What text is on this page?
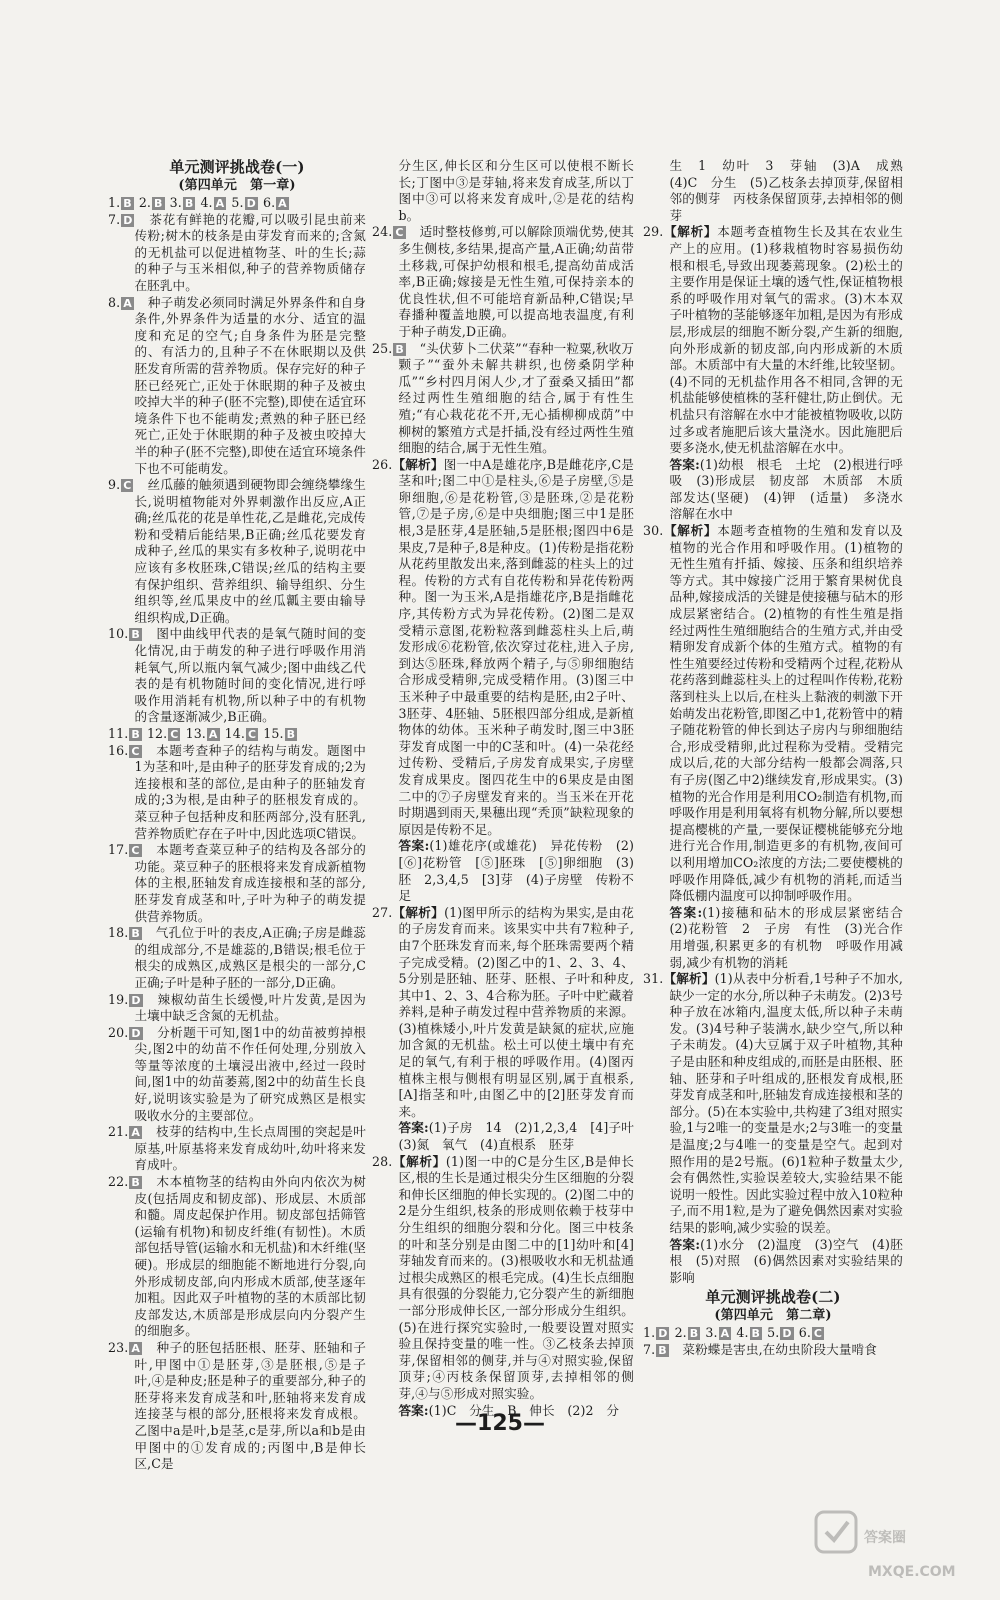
单元测评挑战卷(一)

(第四单元　第一章)

1. B 2. B 3. B 4. A 5. D 6. A

7. D　 茶花有鲜艳的花瓣,可以吸引昆虫前来传粉;树木的枝条是由芽发育而来的;含氮的无机盐可以促进植物茎、叶的生长;蒜的种子与玉米相似,种子的营养物质储存在胚乳中。

8. A　 种子萌发必须同时满足外界条件和自身条件,外界条件为适量的水分、适宜的温度和充足的空气;自身条件为胚是完整的、有活力的,且种子不在休眠期以及供胚发育所需的营养物质。保存完好的种子胚已经死亡,正处于休眠期的种子及被虫咬掉大半的种子(胚不完整),即使在适宜环境条件下也不能萌发;煮熟的种子胚已经死亡,正处于休眠期的种子及被虫咬掉大半的种子(胚不完整),即使在适宜环境条件下也不可能萌发。

9. C　 丝瓜藤的触须遇到硬物即会缠绕攀缘生长,说明植物能对外界刺激作出反应,A正确;丝瓜花的花是单性花,乙是雌花,完成传粉和受精后能结果,B正确;丝瓜花要发育成种子,丝瓜的果实有多枚种子,说明花中应该有多枚胚珠,C错误;丝瓜的结构主要有保护组织、营养组织、输导组织、分生组织等,丝瓜果皮中的丝瓜瓤主要由输导组织构成,D正确。

10. B　 图中曲线甲代表的是氧气随时间的变化情况,由于萌发的种子进行呼吸作用消耗氧气,所以瓶内氧气减少;图中曲线乙代表的是有机物随时间的变化情况,进行呼吸作用消耗有机物,所以种子中的有机物的含量逐渐减少,B正确。

11. B 12. C 13. A 14. C 15. B

16. C　 本题考查种子的结构与萌发。题图中1为茎和叶,是由种子的胚芽发育成的;2为连接根和茎的部位,是由种子的胚轴发育成的;3为根,是由种子的胚根发育成的。菜豆种子包括种皮和胚两部分,没有胚乳,营养物质贮存在子叶中,因此选项C错误。

17. C　 本题考查菜豆种子的结构及各部分的功能。菜豆种子的胚根将来发育成新植物体的主根,胚轴发育成连接根和茎的部分,胚芽发育成茎和叶,子叶为种子的萌发提供营养物质。

18. B　 气孔位于叶的表皮,A正确;子房是雌蕊的组成部分,不是雄蕊的,B错误;根毛位于根尖的成熟区,成熟区是根尖的一部分,C正确;子叶是种子胚的一部分,D正确。

19. D　 辣椒幼苗生长缓慢,叶片发黄,是因为土壤中缺乏含氮的无机盐。

20. D　 分析题干可知,图1中的幼苗被剪掉根尖,图2中的幼苗不作任何处理,分别放入等量等浓度的土壤浸出液中,经过一段时间,图1中的幼苗萎蔫,图2中的幼苗生长良好,说明该实验是为了研究成熟区是根实吸收水分的主要部位。

21. A　 枝芽的结构中,生长点周围的突起是叶原基,叶原基将来发育成幼叶,幼叶将来发育成叶。

22. B　 木本植物茎的结构由外向内依次为树皮(包括周皮和韧皮部)、形成层、木质部和髓。周皮起保护作用。韧皮部包括筛管(运输有机物)和韧皮纤维(有韧性)。木质部包括导管(运输水和无机盐)和木纤维(坚硬)。形成层的细胞能不断地进行分裂,向外形成韧皮部,向内形成木质部,使茎逐年加粗。因此双子叶植物的茎的木质部比韧皮部发达,木质部是形成层向内分裂产生的细胞多。

23. A　 种子的胚包括胚根、胚芽、胚轴和子叶,甲图中①是胚芽,③是胚根,⑤是子叶,④是种皮;胚是种子的重要部分,种子的胚芽将来发育成茎和叶,胚轴将来发育成连接茎与根的部分,胚根将来发育成根。乙图中a是叶,b是茎,c是芽,所以a和b是由甲图中的①发育成的;丙图中,B是伸长区,C是

分生区,伸长区和分生区可以使根不断长长;丁图中③是芽轴,将来发育成茎,所以丁图中③可以将来发育成叶,②是花的结构b。

24. C　 适时整枝修剪,可以解除顶端优势,使其多生侧枝,多结果,提高产量,A正确;幼苗带土移栽,可保护幼根和根毛,提高幼苗成活率,B正确;嫁接是无性生殖,可保持亲本的优良性状,但不可能培育新品种,C错误;早春播种覆盖地膜,可以提高地表温度,有利于种子萌发,D正确。

25. B　 “头伏萝卜二伏菜”“春种一粒粟,秋收万颗子”“蚕外未解共耕织,也傍桑阴学种瓜”“乡村四月闲人少,才了蚕桑又插田”都经过两性生殖细胞的结合,属于有性生殖;“有心栽花花不开,无心插柳柳成荫”中柳树的繁殖方式是扦插,没有经过两性生殖细胞的结合,属于无性生殖。

26.【解析】图一中A是雄花序,B是雌花序,C是茎和叶;图二中①是柱头,⑥是子房壁,⑤是卵细胞,⑥是花粉管,③是胚珠,②是花粉管,⑦是子房,⑥是中央细胞;图三中1是胚根,3是胚芽,4是胚轴,5是胚根;图四中6是果皮,7是种子,8是种皮。(1)传粉是指花粉从花药里散发出来,落到雌蕊的柱头上的过程。传粉的方式有自花传粉和异花传粉两种。图一为玉米,A是指雄花序,B是指雌花序,其传粉方式为异花传粉。(2)图二是双受精示意图,花粉粒落到雌蕊柱头上后,萌发形成⑥花粉管,依次穿过花柱,进入子房,到达⑤胚珠,释放两个精子,与⑤卵细胞结合形成受精卵,完成受精作用。(3)图三中玉米种子中最重要的结构是胚,由2子叶、3胚芽、4胚轴、5胚根四部分组成,是新植物体的幼体。玉米种子萌发时,图三中3胚芽发育成图一中的C茎和叶。(4)一朵花经过传粉、受精后,子房发育成果实,子房壁发育成果皮。图四花生中的6果皮是由图二中的⑦子房壁发育来的。当玉米在开花时期遇到雨天,果穗出现“秃顶”缺粒现象的原因是传粉不足。

答案:(1)雄花序(或雄花)　异花传粉　(2)[⑥]花粉管　[⑤]胚珠　[⑤]卵细胞　(3)胚　2,3,4,5　[3]芽　(4)子房壁　传粉不足

27.【解析】(1)图甲所示的结构为果实,是由花的子房发育而来。该果实中共有7粒种子,由7个胚珠发育而来,每个胚珠需要两个精子完成受精。(2)图乙中的1、2、3、4、5分别是胚轴、胚芽、胚根、子叶和种皮,其中1、2、3、4合称为胚。子叶中贮藏着养料,是种子萌发过程中营养物质的来源。(3)植株矮小,叶片发黄是缺氮的症状,应施加含氮的无机盐。松土可以使土壤中有充足的氧气,有利于根的呼吸作用。(4)图丙植株主根与侧根有明显区别,属于直根系,[A]指茎和叶,由图乙中的[2]胚芽发育而来。

答案:(1)子房　14　(2)1,2,3,4　[4]子叶　(3)氮　氧气　(4)直根系　胚芽

28.【解析】(1)图一中的C是分生区,B是伸长区,根的生长是通过根尖分生区细胞的分裂和伸长区细胞的伸长实现的。(2)图二中的2是分生组织,枝条的形成则依赖于枝芽中分生组织的细胞分裂和分化。图三中枝条的叶和茎分别是由图二中的[1]幼叶和[4]芽轴发育而来的。(3)根吸收水和无机盐通过根尖成熟区的根毛完成。(4)生长点细胞具有很强的分裂能力,它分裂产生的新细胞一部分形成伸长区,一部分形成分生组织。(5)在进行探究实验时,一般要设置对照实验且保持变量的唯一性。③乙枝条去掉顶芽,保留相邻的侧芽,并与④对照实验,保留顶芽;④丙枝条保留顶芽,去掉相邻的侧芽,④与⑤形成对照实验。

答案:(1)C　分生　B　伸长　(2)2　分

生　1　幼叶　3　芽轴　(3)A　成熟　(4)C　分生　(5)乙枝条去掉顶芽,保留相邻的侧芽　丙枝条保留顶芽,去掉相邻的侧芽

29.【解析】本题考查植物生长及其在农业生产上的应用。(1)移栽植物时容易损伤幼根和根毛,导致出现萎蔫现象。(2)松土的主要作用是保证土壤的透气性,保证植物根系的呼吸作用对氧气的需求。(3)木本双子叶植物的茎能够逐年加粗,是因为有形成层,形成层的细胞不断分裂,产生新的细胞,向外形成新的韧皮部,向内形成新的木质部。木质部中有大量的木纤维,比较坚韧。(4)不同的无机盐作用各不相同,含钾的无机盐能够使植株的茎秆健壮,防止倒伏。无机盐只有溶解在水中才能被植物吸收,以防过多或者施肥后该大量浇水。因此施肥后要多浇水,使无机盐溶解在水中。

答案:(1)幼根　根毛　土坨　(2)根进行呼吸　(3)形成层　韧皮部　木质部　木质部发达(坚硬)　(4)钾　(适量)　多浇水　溶解在水中

30.【解析】本题考查植物的生殖和发育以及植物的光合作用和呼吸作用。(1)植物的无性生殖有扦插、嫁接、压条和组织培养等方式。其中嫁接广泛用于繁育果树优良品种,嫁接成活的关键是使接穗与砧木的形成层紧密结合。(2)植物的有性生殖是指经过两性生殖细胞结合的生殖方式,并由受精卵发育成新个体的生殖方式。植物的有性生殖要经过传粉和受精两个过程,花粉从花药落到雌蕊柱头上的过程叫作传粉,花粉落到柱头上以后,在柱头上黏液的刺激下开始萌发出花粉管,即图乙中1,花粉管中的精子随花粉管的伸长到达子房内与卵细胞结合,形成受精卵,此过程称为受精。受精完成以后,花的大部分结构一般都会凋落,只有子房(图乙中2)继续发育,形成果实。(3)植物的光合作用是利用CO₂制造有机物,而呼吸作用是利用氧将有机物分解,所以要想提高樱桃的产量,一要保证樱桃能够充分地进行光合作用,制造更多的有机物,夜间可以利用增加CO₂浓度的方法;二要使樱桃的呼吸作用降低,减少有机物的消耗,而适当降低棚内温度可以抑制呼吸作用。

答案:(1)接穗和砧木的形成层紧密结合　(2)花粉管　2　子房　有性　(3)光合作用增强,积累更多的有机物　呼吸作用减弱,减少有机物的消耗

31.【解析】(1)从表中分析看,1号种子不加水,缺少一定的水分,所以种子未萌发。(2)3号种子放在冰箱内,温度太低,所以种子未萌发。(3)4号种子装满水,缺少空气,所以种子未萌发。(4)大豆属于双子叶植物,其种子是由胚和种皮组成的,而胚是由胚根、胚轴、胚芽和子叶组成的,胚根发育成根,胚芽发育成茎和叶,胚轴发育成连接根和茎的部分。(5)在本实验中,共构建了3组对照实验,1与2唯一的变量是水;2与3唯一的变量是温度;2与4唯一的变量是空气。起到对照作用的是2号瓶。(6)1粒种子数量太少,会有偶然性,实验误差较大,实验结果不能说明一般性。因此实验过程中放入10粒种子,而不用1粒,是为了避免偶然因素对实验结果的影响,减少实验的误差。

答案:(1)水分　(2)温度　(3)空气　(4)胚根　(5)对照　(6)偶然因素对实验结果的影响

单元测评挑战卷(二)

(第四单元　第二章)

1. D 2. B 3. A 4. B 5. D 6. C

7. B　 菜粉蝶是害虫,在幼虫阶段大量啃食

—125—
答案圈
MXQE.COM
